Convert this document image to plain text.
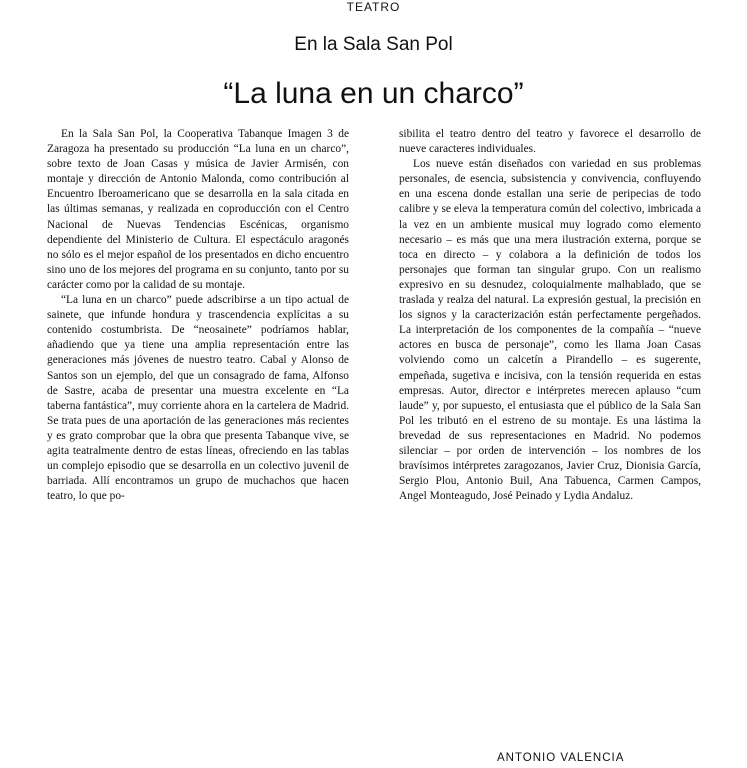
TEATRO
En la Sala San Pol
“La luna en un charco”

En la Sala San Pol, la Cooperativa Tabanque Imagen 3 de Zaragoza ha presentado su producción “La luna en un charco”, sobre texto de Joan Casas y música de Javier Armisén, con montaje y dirección de Antonio Malonda, como contribución al Encuentro Iberoamericano que se desarrolla en la sala citada en las últimas semanas, y realizada en coproducción con el Centro Nacional de Nuevas Tendencias Escénicas, organismo dependiente del Ministerio de Cultura. El espectáculo aragonés no sólo es el mejor español de los presentados en dicho encuentro sino uno de los mejores del programa en su conjunto, tanto por su carácter como por la calidad de su montaje.

“La luna en un charco” puede adscribirse a un tipo actual de sainete, que infunde hondura y trascendencia explícitas a su contenido costumbrista. De “neosainete” podríamos hablar, añadiendo que ya tiene una amplia representación entre las generaciones más jóvenes de nuestro teatro. Cabal y Alonso de Santos son un ejemplo, del que un consagrado de fama, Alfonso de Sastre, acaba de presentar una muestra excelente en “La taberna fantástica”, muy corriente ahora en la cartelera de Madrid. Se trata pues de una aportación de las generaciones más recientes y es grato comprobar que la obra que presenta Tabanque vive, se agita teatralmente dentro de estas líneas, ofreciendo en las tablas un complejo episodio que se desarrolla en un colectivo juvenil de barriada. Allí encontramos un grupo de muchachos que hacen teatro, lo que po-

sibilita el teatro dentro del teatro y favorece el desarrollo de nueve caracteres individuales.

Los nueve están diseñados con variedad en sus problemas personales, de esencia, subsistencia y convivencia, confluyendo en una escena donde estallan una serie de peripecias de todo calibre y se eleva la temperatura común del colectivo, imbricada a la vez en un ambiente musical muy logrado como elemento necesario – es más que una mera ilustración externa, porque se toca en directo – y colabora a la definición de todos los personajes que forman tan singular grupo. Con un realismo expresivo en su desnudez, coloquialmente malhablado, que se traslada y realza del natural. La expresión gestual, la precisión en los signos y la caracterización están perfectamente pergeñados. La interpretación de los componentes de la compañía – “nueve actores en busca de personaje”, como les llama Joan Casas volviendo como un calcetín a Pirandello – es sugerente, empeñada, sugetiva e incisiva, con la tensión requerida en estas empresas. Autor, director e intérpretes merecen aplauso “cum laude” y, por supuesto, el entusiasta que el público de la Sala San Pol les tributó en el estreno de su montaje. Es una lástima la brevedad de sus representaciones en Madrid. No podemos silenciar – por orden de intervención – los nombres de los bravísimos intérpretes zaragozanos, Javier Cruz, Dionisia García, Sergio Plou, Antonio Buil, Ana Tabuenca, Carmen Campos, Angel Monteagudo, José Peinado y Lydia Andaluz.

ANTONIO VALENCIA
